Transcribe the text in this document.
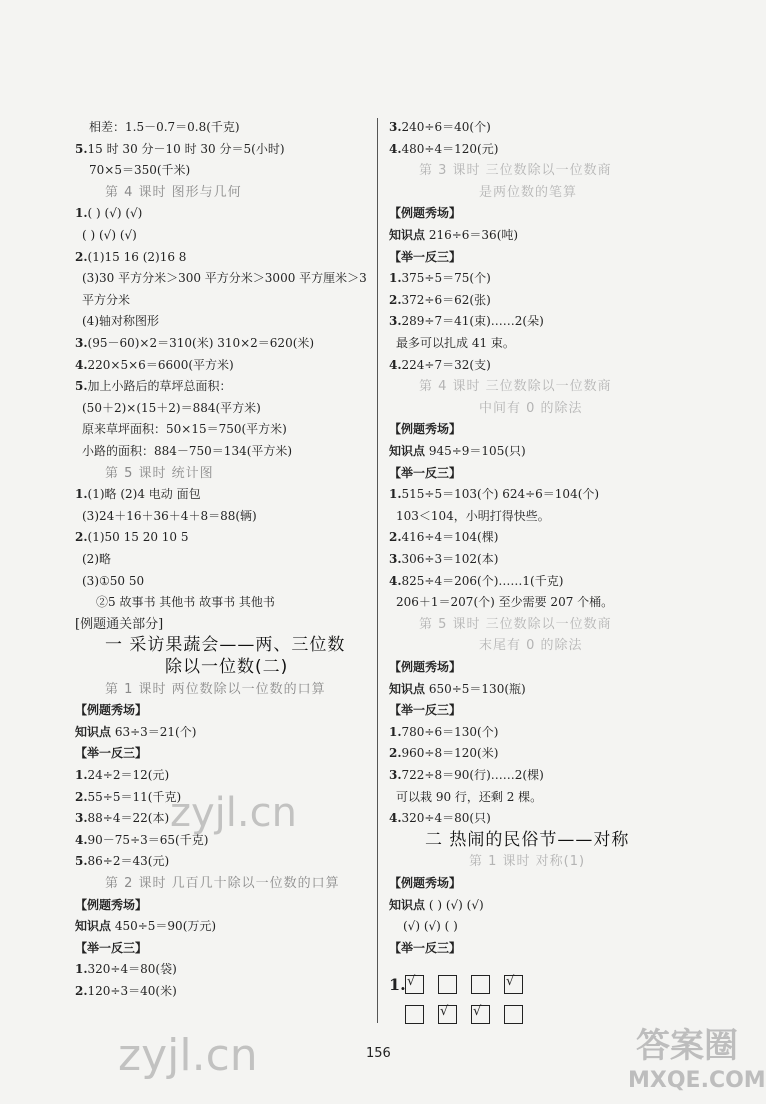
相差：1.5－0.7＝0.8(千克)
5.15 时 30 分－10 时 30 分＝5(小时)
70×5＝350(千米)
第 4 课时 图形与几何
1.( ) (√) (√)
( ) (√) (√)
2.(1)15 16 (2)16 8
(3)30 平方分米＞300 平方分米＞3000 平方厘米＞3
平方分米
(4)轴对称图形
3.(95－60)×2＝310(米) 310×2＝620(米)
4.220×5×6＝6600(平方米)
5.加上小路后的草坪总面积：
(50＋2)×(15＋2)＝884(平方米)
原来草坪面积：50×15＝750(平方米)
小路的面积：884－750＝134(平方米)
第 5 课时 统计图
1.(1)略 (2)4 电动 面包
(3)24＋16＋36＋4＋8＝88(辆)
2.(1)50 15 20 10 5
(2)略
(3)①50 50
②5 故事书 其他书 故事书 其他书
[例题通关部分]
一 采访果蔬会——两、三位数
除以一位数(二)
第 1 课时 两位数除以一位数的口算
【例题秀场】
知识点 63÷3＝21(个)
【举一反三】
1.24÷2＝12(元)
2.55÷5＝11(千克)
3.88÷4＝22(本)
4.90－75÷3＝65(千克)
5.86÷2＝43(元)
第 2 课时 几百几十除以一位数的口算
【例题秀场】
知识点 450÷5＝90(万元)
【举一反三】
1.320÷4＝80(袋)
2.120÷3＝40(米)
3.240÷6＝40(个)
4.480÷4＝120(元)
第 3 课时 三位数除以一位数商
是两位数的笔算
【例题秀场】
知识点 216÷6＝36(吨)
【举一反三】
1.375÷5＝75(个)
2.372÷6＝62(张)
3.289÷7＝41(束)……2(朵)
最多可以扎成 41 束。
4.224÷7＝32(支)
第 4 课时 三位数除以一位数商
中间有 0 的除法
【例题秀场】
知识点 945÷9＝105(只)
【举一反三】
1.515÷5＝103(个) 624÷6＝104(个)
103＜104，小明打得快些。
2.416÷4＝104(棵)
3.306÷3＝102(本)
4.825÷4＝206(个)……1(千克)
206＋1＝207(个) 至少需要 207 个桶。
第 5 课时 三位数除以一位数商
末尾有 0 的除法
【例题秀场】
知识点 650÷5＝130(瓶)
【举一反三】
1.780÷6＝130(个)
2.960÷8＝120(米)
3.722÷8＝90(行)……2(棵)
可以栽 90 行，还剩 2 棵。
4.320÷4＝80(只)
二 热闹的民俗节——对称
第 1 课时 对称(1)
【例题秀场】
知识点 ( ) (√) (√)
(√) (√) ( )
【举一反三】
1. √	√
√ √
156
zyjl.cn
zyjl.cn	答案圈
MXQE.COM
